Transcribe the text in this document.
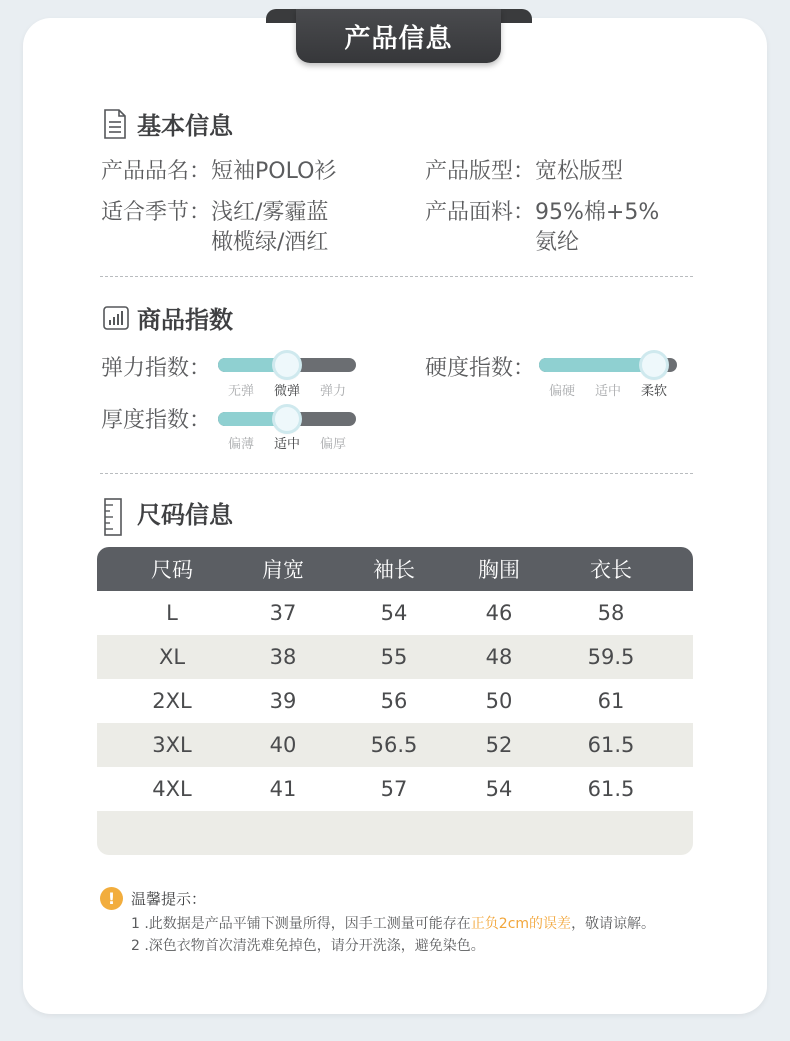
产品信息
基本信息
产品品名：短袖POLO衫	产品版型：宽松版型
适合季节：浅红/雾霾蓝
橄榄绿/酒红
产品面料：95%棉+5%
氨纶
商品指数
弹力指数：
无弹	微弹	弹力
硬度指数：
偏硬	适中	柔软
厚度指数：
偏薄	适中	偏厚
尺码信息
尺码	肩宽	袖长	胸围	衣长
L	37	54	46	58
XL	38	55	48	59.5
2XL	39	56	50	61
3XL	40	56.5	52	61.5
4XL	41	57	54	61.5
!	温馨提示：
1 .此数据是产品平铺下测量所得，因手工测量可能存在正负2cm的误差，敬请谅解。
2 .深色衣物首次清洗难免掉色，请分开洗涤，避免染色。
